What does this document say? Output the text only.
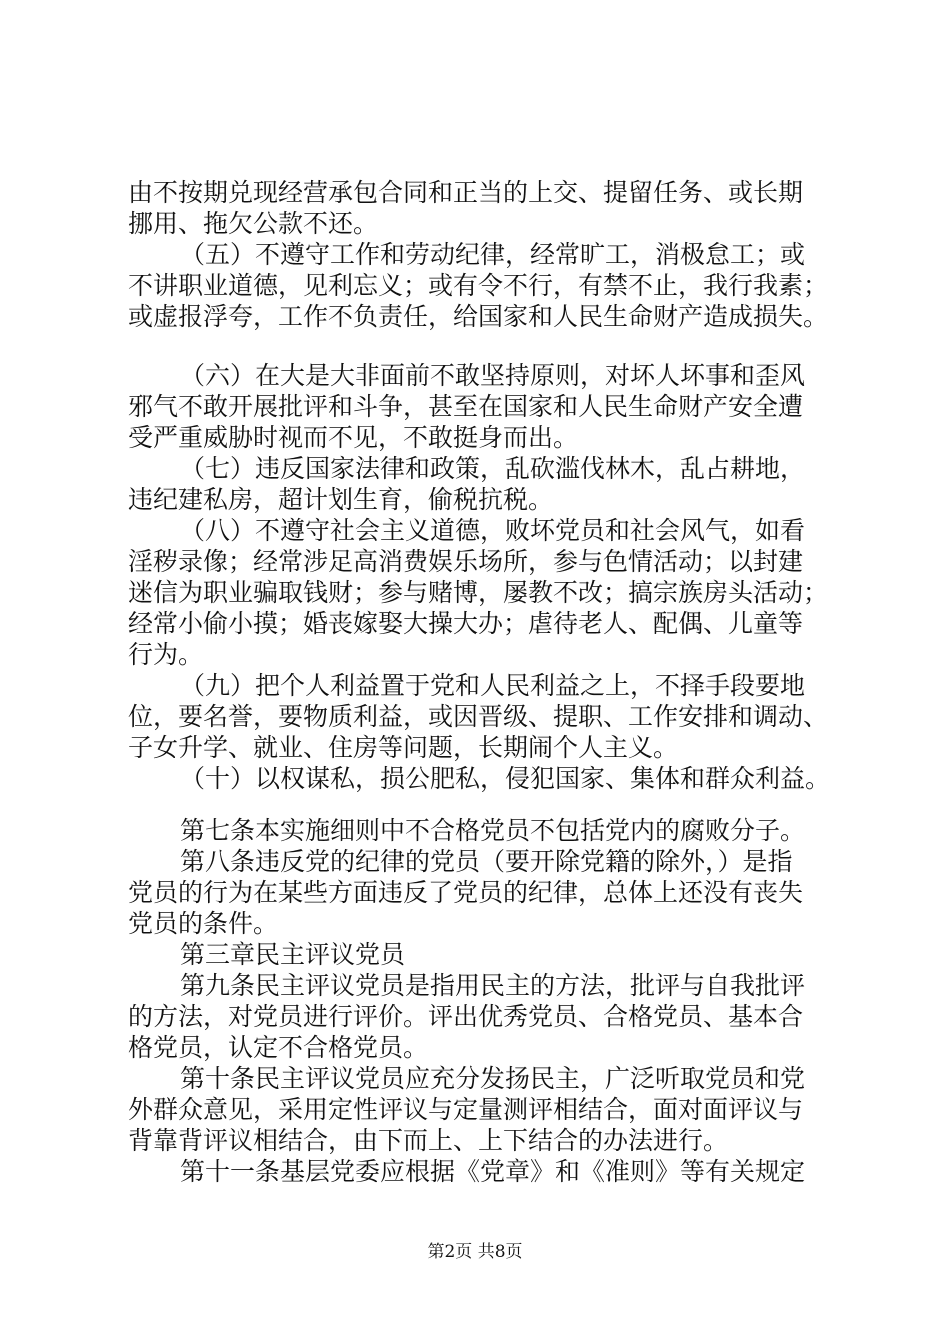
由不按期兑现经营承包合同和正当的上交、提留任务、或长期
挪用、拖欠公款不还。
（五）不遵守工作和劳动纪律，经常旷工，消极怠工；或
不讲职业道德，见利忘义；或有令不行，有禁不止，我行我素；
或虚报浮夸，工作不负责任，给国家和人民生命财产造成损失。
（六）在大是大非面前不敢坚持原则，对坏人坏事和歪风
邪气不敢开展批评和斗争，甚至在国家和人民生命财产安全遭
受严重威胁时视而不见，不敢挺身而出。
（七）违反国家法律和政策，乱砍滥伐林木，乱占耕地，
违纪建私房，超计划生育，偷税抗税。
（八）不遵守社会主义道德，败坏党员和社会风气，如看
淫秽录像；经常涉足高消费娱乐场所，参与色情活动；以封建
迷信为职业骗取钱财；参与赌博，屡教不改；搞宗族房头活动；
经常小偷小摸；婚丧嫁娶大操大办；虐待老人、配偶、儿童等
行为。
（九）把个人利益置于党和人民利益之上，不择手段要地
位，要名誉，要物质利益，或因晋级、提职、工作安排和调动、
子女升学、就业、住房等问题，长期闹个人主义。
（十）以权谋私，损公肥私，侵犯国家、集体和群众利益。
第七条本实施细则中不合格党员不包括党内的腐败分子。
第八条违反党的纪律的党员（要开除党籍的除外，）是指
党员的行为在某些方面违反了党员的纪律，总体上还没有丧失
党员的条件。
第三章民主评议党员
第九条民主评议党员是指用民主的方法，批评与自我批评
的方法，对党员进行评价。评出优秀党员、合格党员、基本合
格党员，认定不合格党员。
第十条民主评议党员应充分发扬民主，广泛听取党员和党
外群众意见，采用定性评议与定量测评相结合，面对面评议与
背靠背评议相结合，由下而上、上下结合的办法进行。
第十一条基层党委应根据《党章》和《准则》等有关规定
第2页 共8页
